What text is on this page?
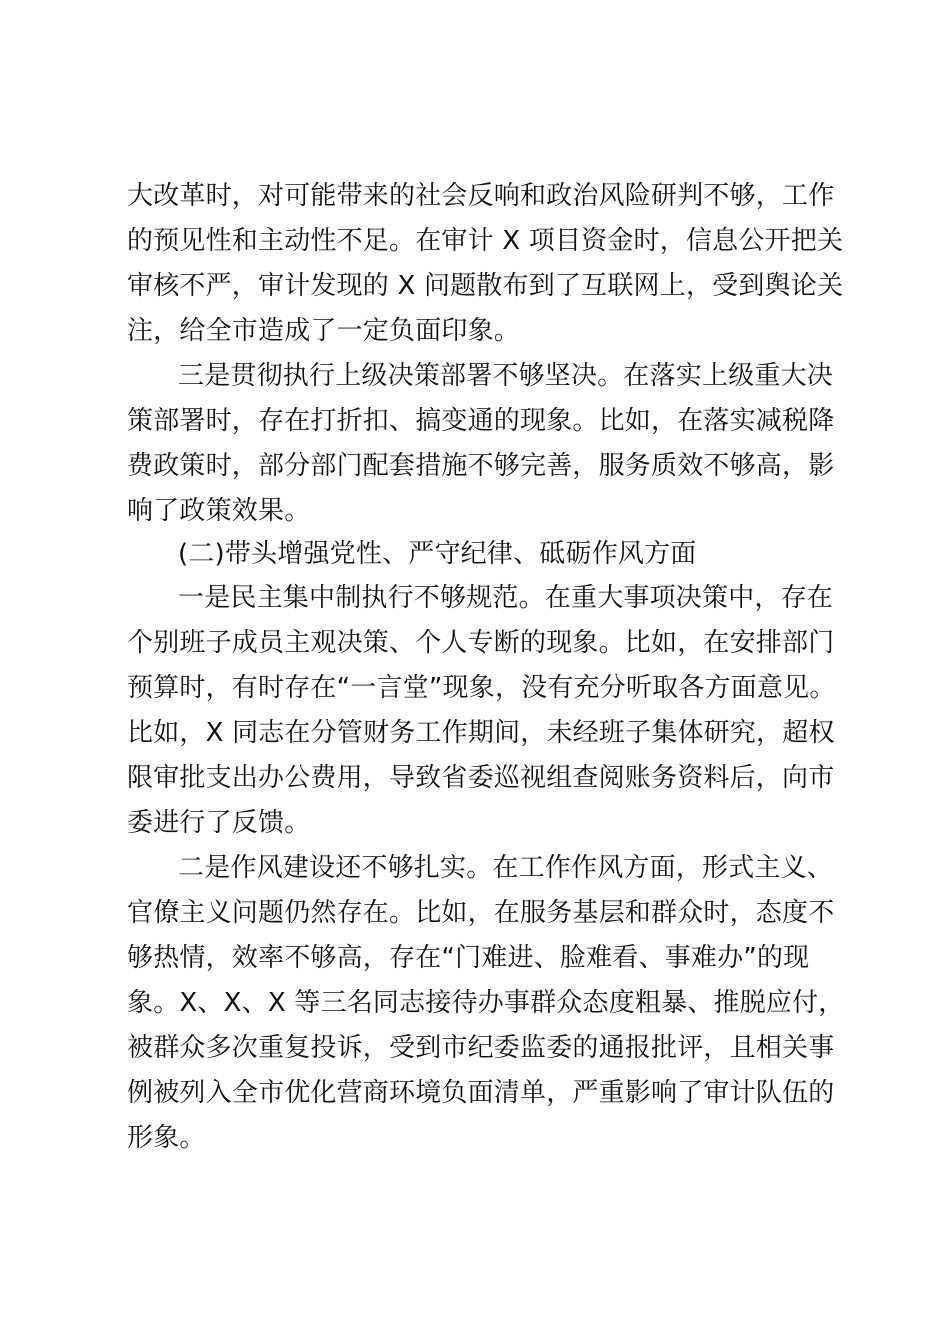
大改革时，对可能带来的社会反响和政治风险研判不够，工作
的预见性和主动性不足。在审计 X 项目资金时，信息公开把关
审核不严，审计发现的 X 问题散布到了互联网上，受到舆论关
注，给全市造成了一定负面印象。
三是贯彻执行上级决策部署不够坚决。在落实上级重大决
策部署时，存在打折扣、搞变通的现象。比如，在落实减税降
费政策时，部分部门配套措施不够完善，服务质效不够高，影
响了政策效果。
(二)带头增强党性、严守纪律、砥砺作风方面
一是民主集中制执行不够规范。在重大事项决策中，存在
个别班子成员主观决策、个人专断的现象。比如，在安排部门
预算时，有时存在“一言堂”现象，没有充分听取各方面意见。
比如，X 同志在分管财务工作期间，未经班子集体研究，超权
限审批支出办公费用，导致省委巡视组查阅账务资料后，向市
委进行了反馈。
二是作风建设还不够扎实。在工作作风方面，形式主义、
官僚主义问题仍然存在。比如，在服务基层和群众时，态度不
够热情，效率不够高，存在“门难进、脸难看、事难办”的现
象。X、X、X 等三名同志接待办事群众态度粗暴、推脱应付，
被群众多次重复投诉，受到市纪委监委的通报批评，且相关事
例被列入全市优化营商环境负面清单，严重影响了审计队伍的
形象。
